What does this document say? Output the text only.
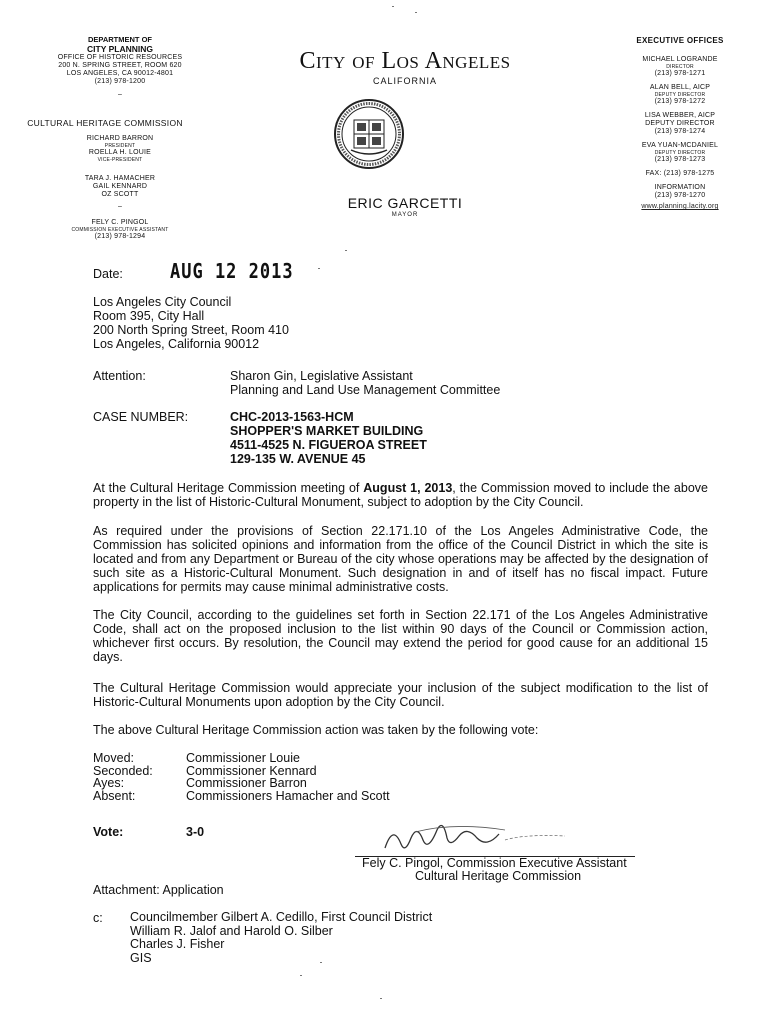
DEPARTMENT OF
CITY PLANNING
OFFICE OF HISTORIC RESOURCES
200 N. SPRING STREET, ROOM 620
LOS ANGELES, CA 90012-4801
(213) 978-1200
–
CULTURAL HERITAGE COMMISSION
RICHARD BARRON
PRESIDENT
ROELLA H. LOUIE
VICE-PRESIDENT
TARA J. HAMACHER
GAIL KENNARD
OZ SCOTT
–
FELY C. PINGOL
COMMISSION EXECUTIVE ASSISTANT
(213) 978-1294
City of Los Angeles
CALIFORNIA
ERIC GARCETTI
MAYOR
EXECUTIVE OFFICES
MICHAEL LOGRANDE
DIRECTOR
(213) 978-1271
ALAN BELL, AICP
DEPUTY DIRECTOR
(213) 978-1272
LISA WEBBER, AICP
DEPUTY DIRECTOR
(213) 978-1274
EVA YUAN-MCDANIEL
DEPUTY DIRECTOR
(213) 978-1273
FAX: (213) 978-1275
INFORMATION
(213) 978-1270
www.planning.lacity.org
Date:	AUG 12 2013
Los Angeles City Council
Room 395, City Hall
200 North Spring Street, Room 410
Los Angeles, California 90012
Attention:	Sharon Gin, Legislative Assistant
Planning and Land Use Management Committee
CASE NUMBER:	CHC-2013-1563-HCM
SHOPPER'S MARKET BUILDING
4511-4525 N. FIGUEROA STREET
129-135 W. AVENUE 45
At the Cultural Heritage Commission meeting of August 1, 2013, the Commission moved to include the above property in the list of Historic-Cultural Monument, subject to adoption by the City Council.
As required under the provisions of Section 22.171.10 of the Los Angeles Administrative Code, the Commission has solicited opinions and information from the office of the Council District in which the site is located and from any Department or Bureau of the city whose operations may be affected by the designation of such site as a Historic-Cultural Monument. Such designation in and of itself has no fiscal impact. Future applications for permits may cause minimal administrative costs.
The City Council, according to the guidelines set forth in Section 22.171 of the Los Angeles Administrative Code, shall act on the proposed inclusion to the list within 90 days of the Council or Commission action, whichever first occurs. By resolution, the Council may extend the period for good cause for an additional 15 days.
The Cultural Heritage Commission would appreciate your inclusion of the subject modification to the list of Historic-Cultural Monuments upon adoption by the City Council.
The above Cultural Heritage Commission action was taken by the following vote:
Moved:	Commissioner Louie
Seconded:	Commissioner Kennard
Ayes:	Commissioner Barron
Absent:	Commissioners Hamacher and Scott
Vote:	3-0
Fely C. Pingol, Commission Executive Assistant
Cultural Heritage Commission
Attachment: Application
c: Councilmember Gilbert A. Cedillo, First Council District
William R. Jalof and Harold O. Silber
Charles J. Fisher
GIS
